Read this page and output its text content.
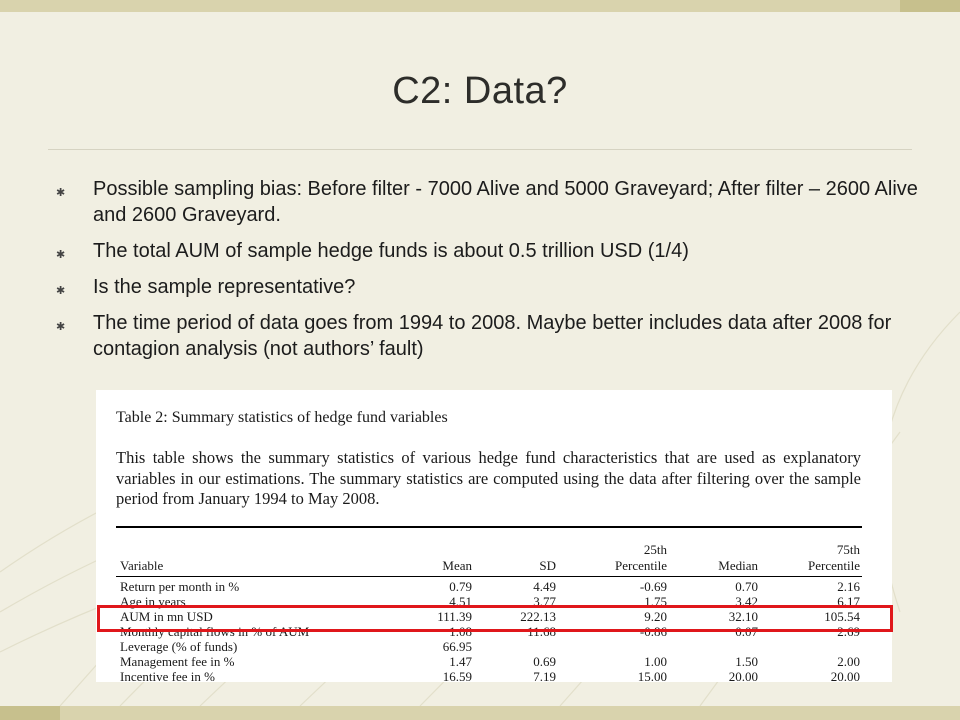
C2: Data?
✱ Possible sampling bias: Before filter - 7000 Alive and 5000 Graveyard; After filter – 2600 Alive and 2600 Graveyard.
✱ The total AUM of sample hedge funds is about 0.5 trillion USD (1/4)
✱ Is the sample representative?
✱ The time period of data goes from 1994 to 2008. Maybe better includes data after 2008 for contagion analysis (not authors’ fault)
Table 2: Summary statistics of hedge fund variables
This table shows the summary statistics of various hedge fund characteristics that are used as explanatory variables in our estimations. The summary statistics are computed using the data after filtering over the sample period from January 1994 to May 2008.
25th	75th
Variable	Mean	SD	Percentile	Median	Percentile
Return per month in %	0.79	4.49	-0.69	0.70	2.16
Age in years	4.51	3.77	1.75	3.42	6.17
AUM in mn USD	111.39	222.13	9.20	32.10	105.54
Monthly capital flows in % of AUM	1.08	11.68	-0.86	0.07	2.69
Leverage (% of funds)	66.95
Management fee in %	1.47	0.69	1.00	1.50	2.00
Incentive fee in %	16.59	7.19	15.00	20.00	20.00
